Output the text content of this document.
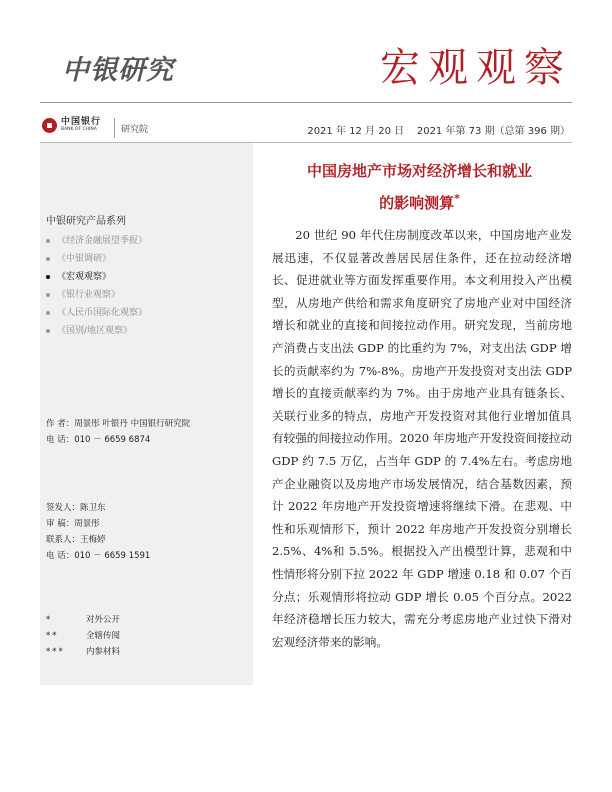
中银研究	宏观观察
中国银行
BANK OF CHINA	研究院	2021 年 12 月 20 日 2021 年第 73 期（总第 396 期）
中银研究产品系列
《经济金融展望季报》
《中银调研》
《宏观观察》
《银行业观察》
《人民币国际化观察》
《国别/地区观察》
作 者：周景彤 叶银丹 中国银行研究院
电 话：010 － 6659 6874
签发人：陈卫东
审 稿：周景彤
联系人：王梅婷
电 话：010 － 6659 1591
*	对外公开
**	全辖传阅
***	内参材料
中国房地产市场对经济增长和就业
的影响测算*

20 世纪 90 年代住房制度改革以来，中国房地产业发展迅速，不仅显著改善居民居住条件，还在拉动经济增长、促进就业等方面发挥重要作用。本文利用投入产出模型，从房地产供给和需求角度研究了房地产业对中国经济增长和就业的直接和间接拉动作用。研究发现，当前房地产消费占支出法 GDP 的比重约为 7%，对支出法 GDP 增长的贡献率约为 7%-8%。房地产开发投资对支出法 GDP 增长的直接贡献率约为 7%。由于房地产业具有链条长、关联行业多的特点，房地产开发投资对其他行业增加值具有较强的间接拉动作用。2020 年房地产开发投资间接拉动 GDP 约 7.5 万亿，占当年 GDP 的 7.4%左右。考虑房地产企业融资以及房地产市场发展情况，结合基数因素，预计 2022 年房地产开发投资增速将继续下滑。在悲观、中性和乐观情形下，预计 2022 年房地产开发投资分别增长 2.5%、4%和 5.5%。根据投入产出模型计算，悲观和中性情形将分别下拉 2022 年 GDP 增速 0.18 和 0.07 个百分点；乐观情形将拉动 GDP 增长 0.05 个百分点。2022 年经济稳增长压力较大，需充分考虑房地产业过快下滑对宏观经济带来的影响。
